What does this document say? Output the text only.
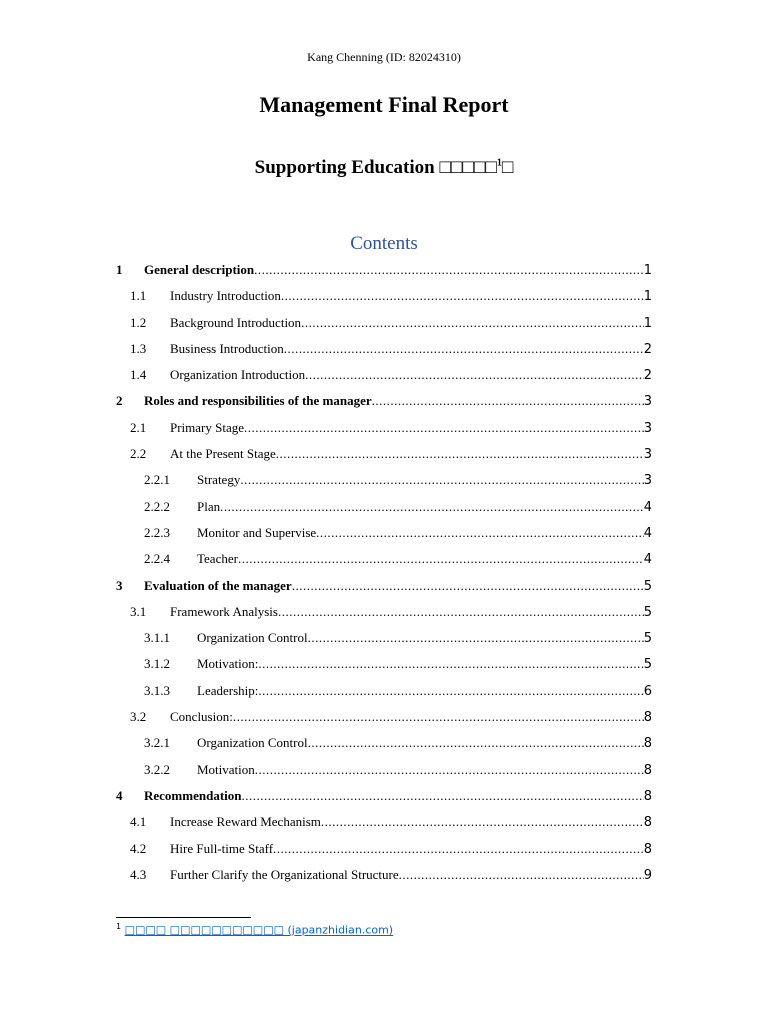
Kang Chenning (ID: 82024310)
Management Final Report
Supporting Education □□□□□$^1$□
Contents
1	General description .....	1
1.1	Industry Introduction .....	1
1.2	Background Introduction .....	1
1.3	Business Introduction .....	2
1.4	Organization Introduction .....	2
2	Roles and responsibilities of the manager .....	3
2.1	Primary Stage .....	3
2.2	At the Present Stage .....	3
2.2.1	Strategy .....	3
2.2.2	Plan .....	4
2.2.3	Monitor and Supervise .....	4
2.2.4	Teacher .....	4
3	Evaluation of the manager .....	5
3.1	Framework Analysis .....	5
3.1.1	Organization Control .....	5
3.1.2	Motivation: .....	5
3.1.3	Leadership: .....	6
3.2	Conclusion: .....	8
3.2.1	Organization Control .....	8
3.2.2	Motivation .....	8
4	Recommendation .....	8
4.1	Increase Reward Mechanism .....	8
4.2	Hire Full-time Staff .....	8
4.3	Further Clarify the Organizational Structure .....	9
$^1$ □□□□ □□□□□□□□□□□ (japanzhidian.com)
